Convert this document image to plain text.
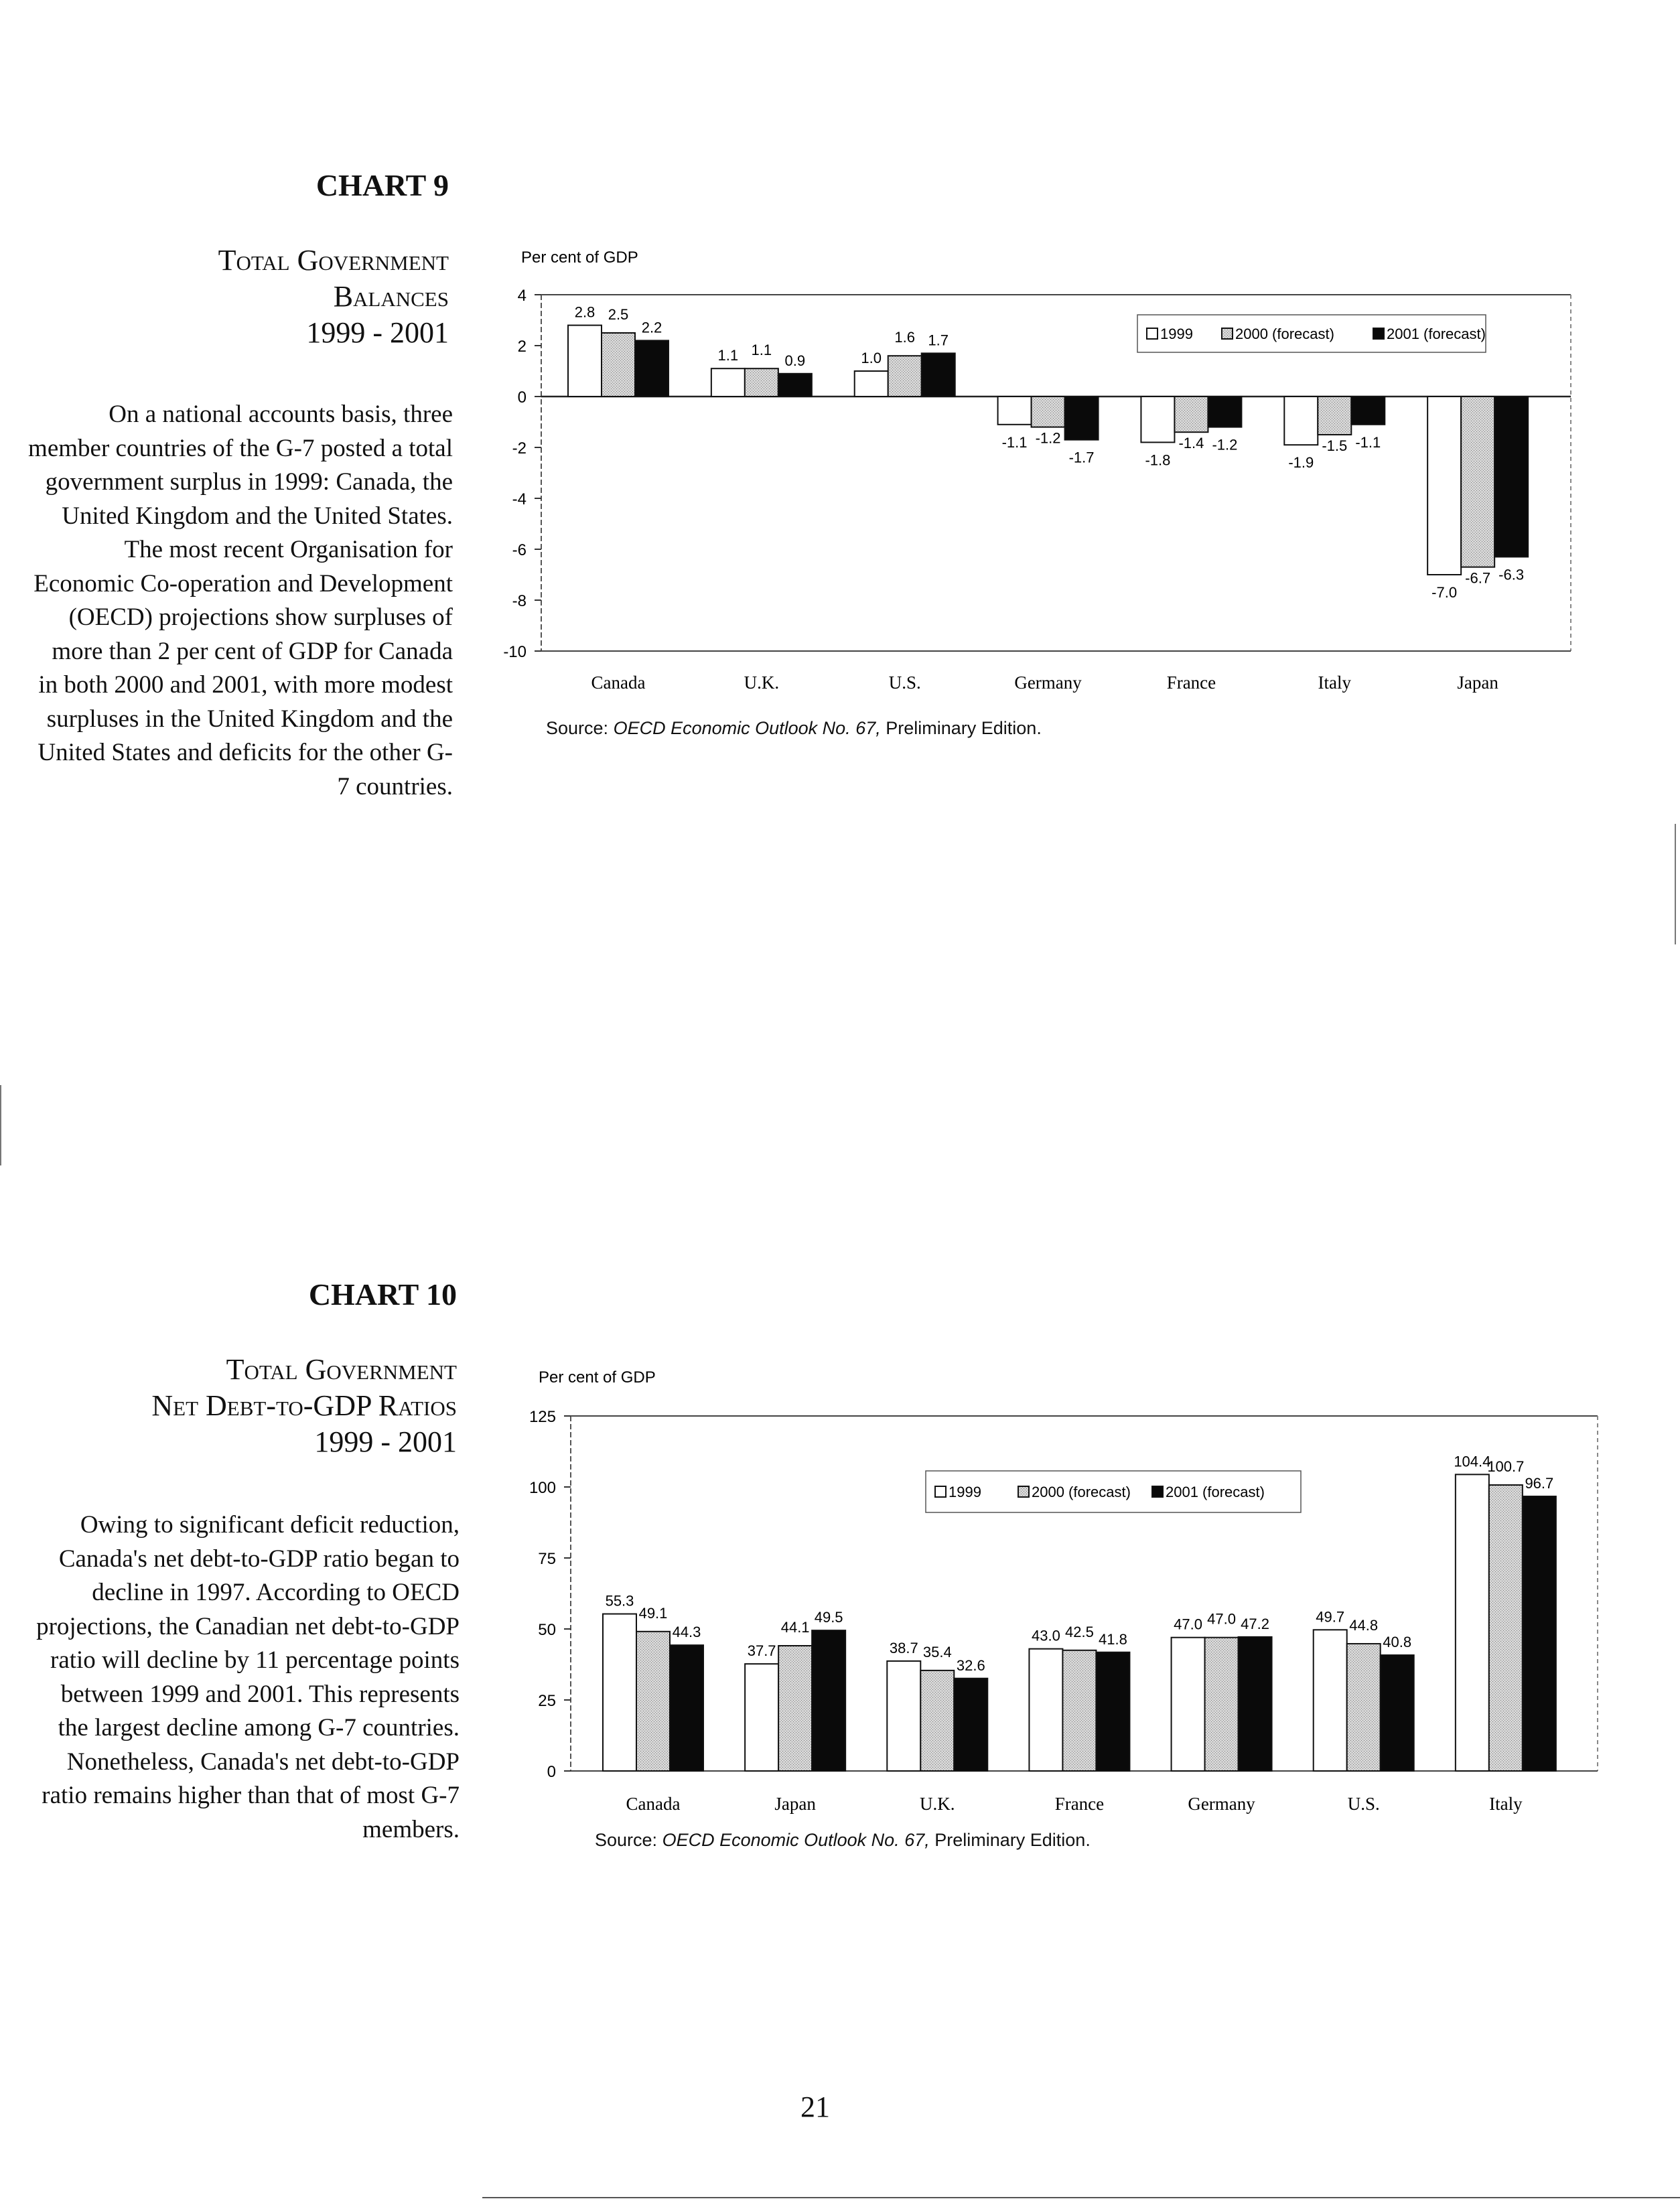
CHART 9
Total Government
Balances
1999 - 2001
On a national accounts basis, three member countries of the G-7 posted a total government surplus in 1999: Canada, the United Kingdom and the United States. The most recent Organisation for Economic Co-operation and Development (OECD) projections show surpluses of more than 2 per cent of GDP for Canada in both 2000 and 2001, with more modest surpluses in the United Kingdom and the United States and deficits for the other G-7 countries.
Per cent of GDP
4
2
0
-2
-4
-6
-8
-10
2.8 2.5
2.2
Canada
1.1 1.1
0.9
U.K.
1.0
1.6 1.7
U.S.
-1.1 -1.2
-1.7
Germany
-1.8
-1.4 -1.2
France
-1.9
-1.5 -1.1
Italy
-7.0
-6.7 -6.3
Japan
1999	2000 (forecast)	2001 (forecast)
Source: OECD Economic Outlook No. 67, Preliminary Edition.
CHART 10
Total Government
Net Debt-to-GDP Ratios
1999 - 2001
Owing to significant deficit reduction, Canada's net debt-to-GDP ratio began to decline in 1997. According to OECD projections, the Canadian net debt-to-GDP ratio will decline by 11 percentage points between 1999 and 2001. This represents the largest decline among G-7 countries. Nonetheless, Canada's net debt-to-GDP ratio remains higher than that of most G-7 members.
Per cent of GDP
125
100
75
50
25
0
55.3
49.1
44.3
Canada
37.7
44.1
49.5
Japan
38.7 35.4
32.6
U.K.
43.0 42.5 41.8
France
47.0 47.0 47.2
Germany
49.7
44.8
40.8
U.S.
104.4
100.7
96.7
Italy
1999	2000 (forecast) 2001 (forecast)
Source: OECD Economic Outlook No. 67, Preliminary Edition.
21
